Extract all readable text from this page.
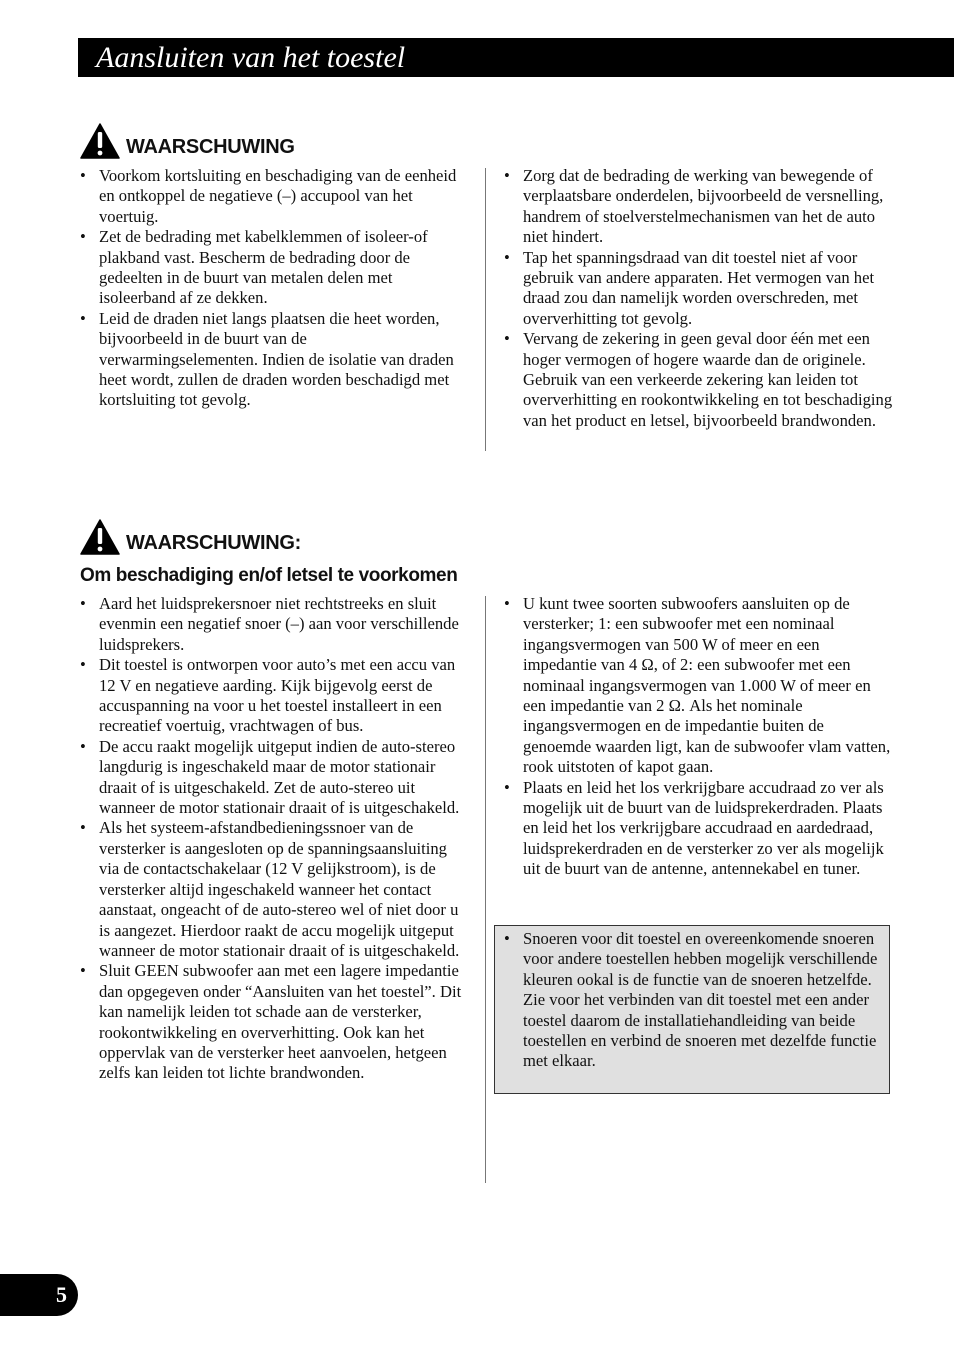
Aansluiten van het toestel
WAARSCHUWING
• Voorkom kortsluiting en beschadiging van de eenheid en ontkoppel de negatieve (–) accupool van het voertuig.
• Zet de bedrading met kabelklemmen of isoleer-of plakband vast. Bescherm de bedrading door de gedeelten in de buurt van metalen delen met isoleerband af ze dekken.
• Leid de draden niet langs plaatsen die heet worden, bijvoorbeeld in de buurt van de verwarmingselementen. Indien de isolatie van draden heet wordt, zullen de draden worden beschadigd met kortsluiting tot gevolg.
• Zorg dat de bedrading de werking van bewegende of verplaatsbare onderdelen, bijvoorbeeld de versnelling, handrem of stoelverstelmechanismen van het de auto niet hindert.
• Tap het spanningsdraad van dit toestel niet af voor gebruik van andere apparaten. Het vermogen van het draad zou dan namelijk worden overschreden, met oververhitting tot gevolg.
• Vervang de zekering in geen geval door één met een hoger vermogen of hogere waarde dan de originele. Gebruik van een verkeerde zekering kan leiden tot oververhitting en rookontwikkeling en tot beschadiging van het product en letsel, bijvoorbeeld brandwonden.
WAARSCHUWING:
Om beschadiging en/of letsel te voorkomen
• Aard het luidsprekersnoer niet rechtstreeks en sluit evenmin een negatief snoer (–) aan voor verschillende luidsprekers.
• Dit toestel is ontworpen voor auto’s met een accu van 12 V en negatieve aarding. Kijk bijgevolg eerst de accuspanning na voor u het toestel installeert in een recreatief voertuig, vrachtwagen of bus.
• De accu raakt mogelijk uitgeput indien de auto-stereo langdurig is ingeschakeld maar de motor stationair draait of is uitgeschakeld. Zet de auto-stereo uit wanneer de motor stationair draait of is uitgeschakeld.
• Als het systeem-afstandbedieningssnoer van de versterker is aangesloten op de spanningsaansluiting via de contactschakelaar (12 V gelijkstroom), is de versterker altijd ingeschakeld wanneer het contact aanstaat, ongeacht of de auto-stereo wel of niet door u is aangezet. Hierdoor raakt de accu mogelijk uitgeput wanneer de motor stationair draait of is uitgeschakeld.
• Sluit GEEN subwoofer aan met een lagere impedantie dan opgegeven onder “Aansluiten van het toestel”. Dit kan namelijk leiden tot schade aan de versterker, rookontwikkeling en oververhitting. Ook kan het oppervlak van de versterker heet aanvoelen, hetgeen zelfs kan leiden tot lichte brandwonden.
• U kunt twee soorten subwoofers aansluiten op de versterker; 1: een subwoofer met een nominaal ingangsvermogen van 500 W of meer en een impedantie van 4 Ω, of 2: een subwoofer met een nominaal ingangsvermogen van 1.000 W of meer en een impedantie van 2 Ω. Als het nominale ingangsvermogen en de impedantie buiten de genoemde waarden ligt, kan de subwoofer vlam vatten, rook uitstoten of kapot gaan.
• Plaats en leid het los verkrijgbare accudraad zo ver als mogelijk uit de buurt van de luidsprekerdraden. Plaats en leid het los verkrijgbare accudraad en aardedraad, luidsprekerdraden en de versterker zo ver als mogelijk uit de buurt van de antenne, antennekabel en tuner.
• Snoeren voor dit toestel en overeenkomende snoeren voor andere toestellen hebben mogelijk verschillende kleuren ookal is de functie van de snoeren hetzelfde. Zie voor het verbinden van dit toestel met een ander toestel daarom de installatiehandleiding van beide toestellen en verbind de snoeren met dezelfde functie met elkaar.
5
